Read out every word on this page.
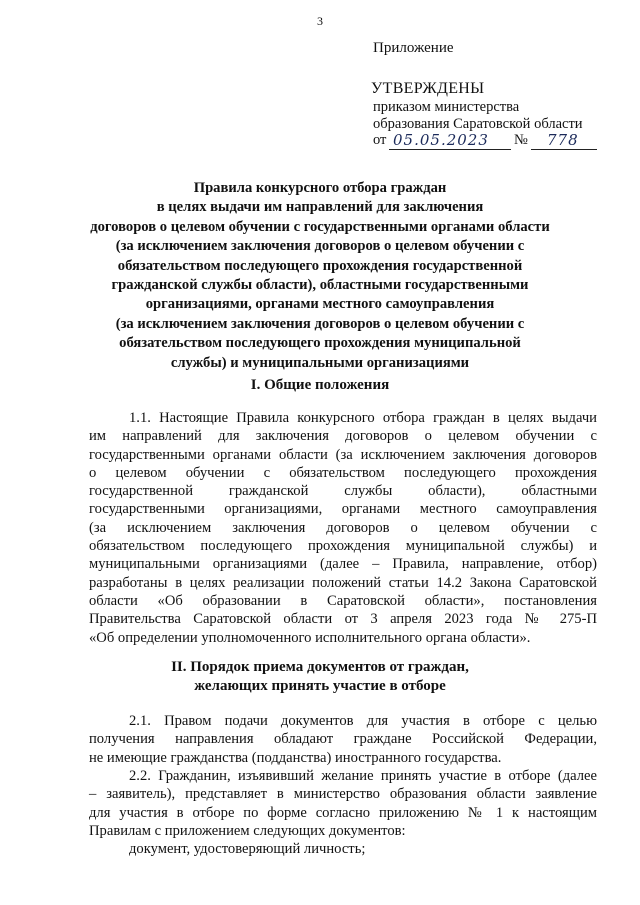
3
Приложение
УТВЕРЖДЕНЫ
приказом министерства
образования Саратовской области
от 05.05.2023 № 778
Правила конкурсного отбора граждан
в целях выдачи им направлений для заключения
договоров о целевом обучении с государственными органами области
(за исключением заключения договоров о целевом обучении с
обязательством последующего прохождения государственной
гражданской службы области), областными государственными
организациями, органами местного самоуправления
(за исключением заключения договоров о целевом обучении с
обязательством последующего прохождения муниципальной
службы) и муниципальными организациями
I. Общие положения
1.1. Настоящие Правила конкурсного отбора граждан в целях выдачи
им направлений для заключения договоров о целевом обучении с
государственными органами области (за исключением заключения договоров
о целевом обучении с обязательством последующего прохождения
государственной гражданской службы области), областными
государственными организациями, органами местного самоуправления
(за исключением заключения договоров о целевом обучении с
обязательством последующего прохождения муниципальной службы) и
муниципальными организациями (далее – Правила, направление, отбор)
разработаны в целях реализации положений статьи 14.2 Закона Саратовской
области «Об образовании в Саратовской области», постановления
Правительства Саратовской области от 3 апреля 2023 года № 275-П
«Об определении уполномоченного исполнительного органа области».
II. Порядок приема документов от граждан,
желающих принять участие в отборе
2.1. Правом подачи документов для участия в отборе с целью
получения направления обладают граждане Российской Федерации,
не имеющие гражданства (подданства) иностранного государства.
2.2. Гражданин, изъявивший желание принять участие в отборе (далее
– заявитель), представляет в министерство образования области заявление
для участия в отборе по форме согласно приложению № 1 к настоящим
Правилам с приложением следующих документов:
документ, удостоверяющий личность;
